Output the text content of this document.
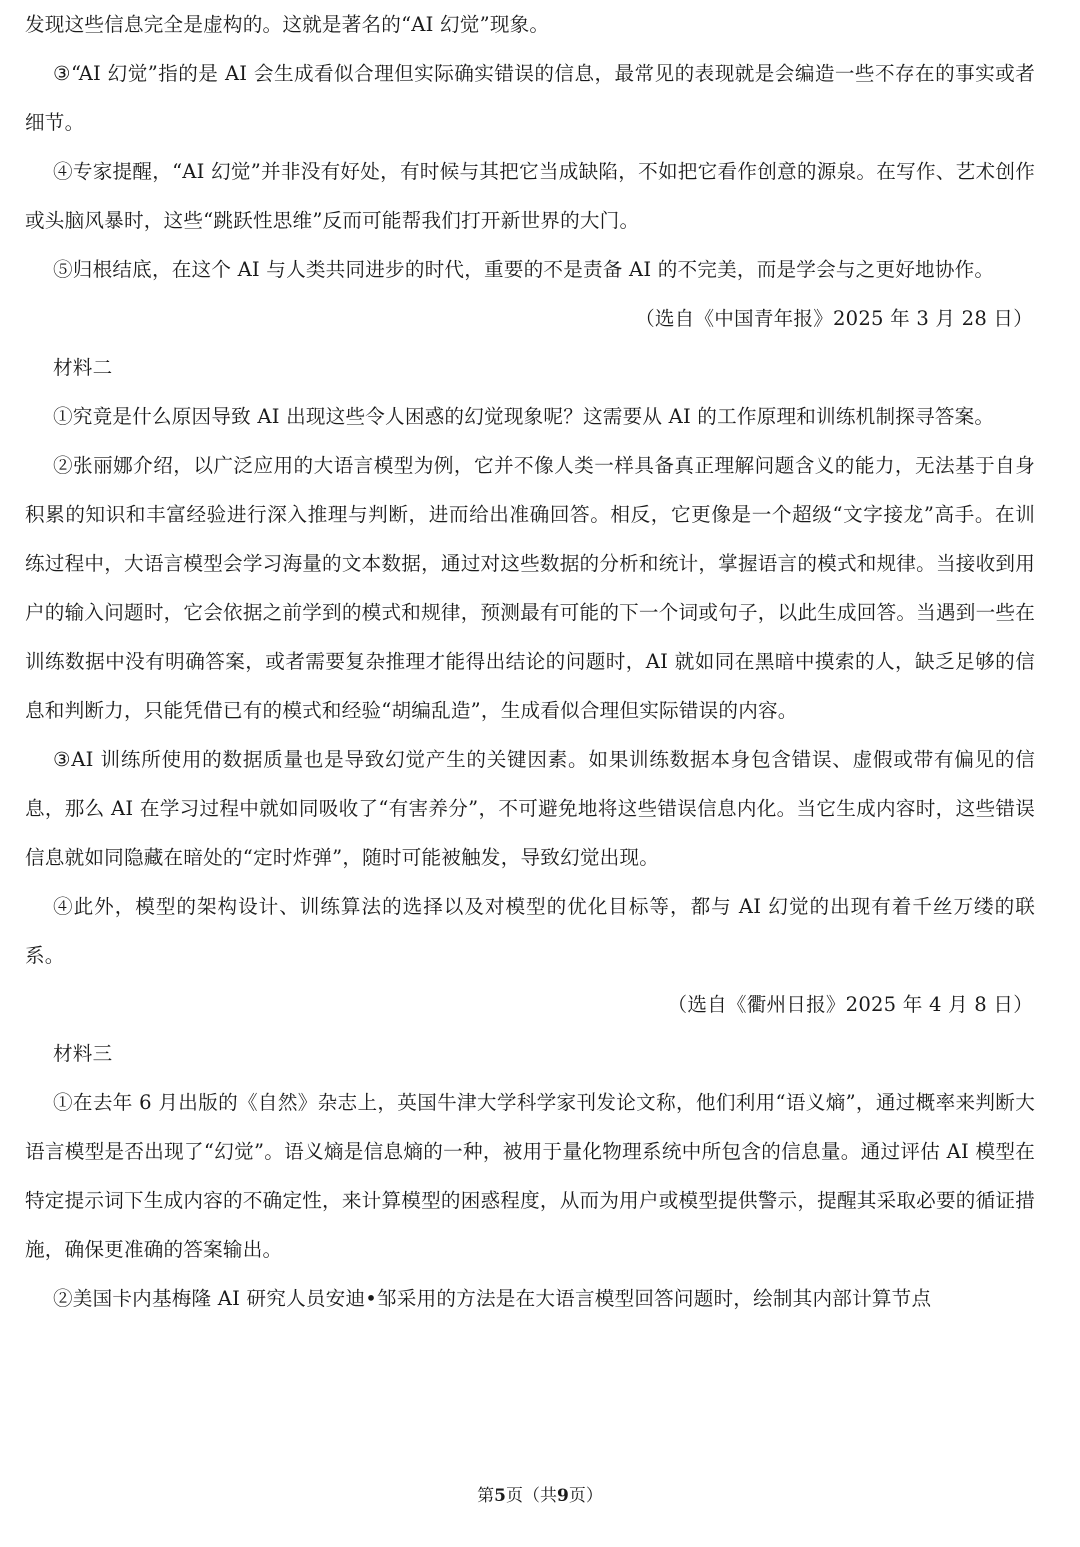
发现这些信息完全是虚构的。这就是著名的“AI 幻觉”现象。

③“AI 幻觉”指的是 AI 会生成看似合理但实际确实错误的信息，最常见的表现就是会编造一些不存在的事实或者细节。

④专家提醒，“AI 幻觉”并非没有好处，有时候与其把它当成缺陷，不如把它看作创意的源泉。在写作、艺术创作或头脑风暴时，这些“跳跃性思维”反而可能帮我们打开新世界的大门。

⑤归根结底，在这个 AI 与人类共同进步的时代，重要的不是责备 AI 的不完美，而是学会与之更好地协作。

（选自《中国青年报》2025 年 3 月 28 日）

材料二

①究竟是什么原因导致 AI 出现这些令人困惑的幻觉现象呢？这需要从 AI 的工作原理和训练机制探寻答案。

②张丽娜介绍，以广泛应用的大语言模型为例，它并不像人类一样具备真正理解问题含义的能力，无法基于自身积累的知识和丰富经验进行深入推理与判断，进而给出准确回答。相反，它更像是一个超级“文字接龙”高手。在训练过程中，大语言模型会学习海量的文本数据，通过对这些数据的分析和统计，掌握语言的模式和规律。当接收到用户的输入问题时，它会依据之前学到的模式和规律，预测最有可能的下一个词或句子，以此生成回答。当遇到一些在训练数据中没有明确答案，或者需要复杂推理才能得出结论的问题时，AI 就如同在黑暗中摸索的人，缺乏足够的信息和判断力，只能凭借已有的模式和经验“胡编乱造”，生成看似合理但实际错误的内容。

③AI 训练所使用的数据质量也是导致幻觉产生的关键因素。如果训练数据本身包含错误、虚假或带有偏见的信息，那么 AI 在学习过程中就如同吸收了“有害养分”，不可避免地将这些错误信息内化。当它生成内容时，这些错误信息就如同隐藏在暗处的“定时炸弹”，随时可能被触发，导致幻觉出现。

④此外，模型的架构设计、训练算法的选择以及对模型的优化目标等，都与 AI 幻觉的出现有着千丝万缕的联系。

（选自《衢州日报》2025 年 4 月 8 日）

材料三

①在去年 6 月出版的《自然》杂志上，英国牛津大学科学家刊发论文称，他们利用“语义熵”，通过概率来判断大语言模型是否出现了“幻觉”。语义熵是信息熵的一种，被用于量化物理系统中所包含的信息量。通过评估 AI 模型在特定提示词下生成内容的不确定性，来计算模型的困惑程度，从而为用户或模型提供警示，提醒其采取必要的循证措施，确保更准确的答案输出。

②美国卡内基梅隆 AI 研究人员安迪•邹采用的方法是在大语言模型回答问题时，绘制其内部计算节点

第5页（共9页）
